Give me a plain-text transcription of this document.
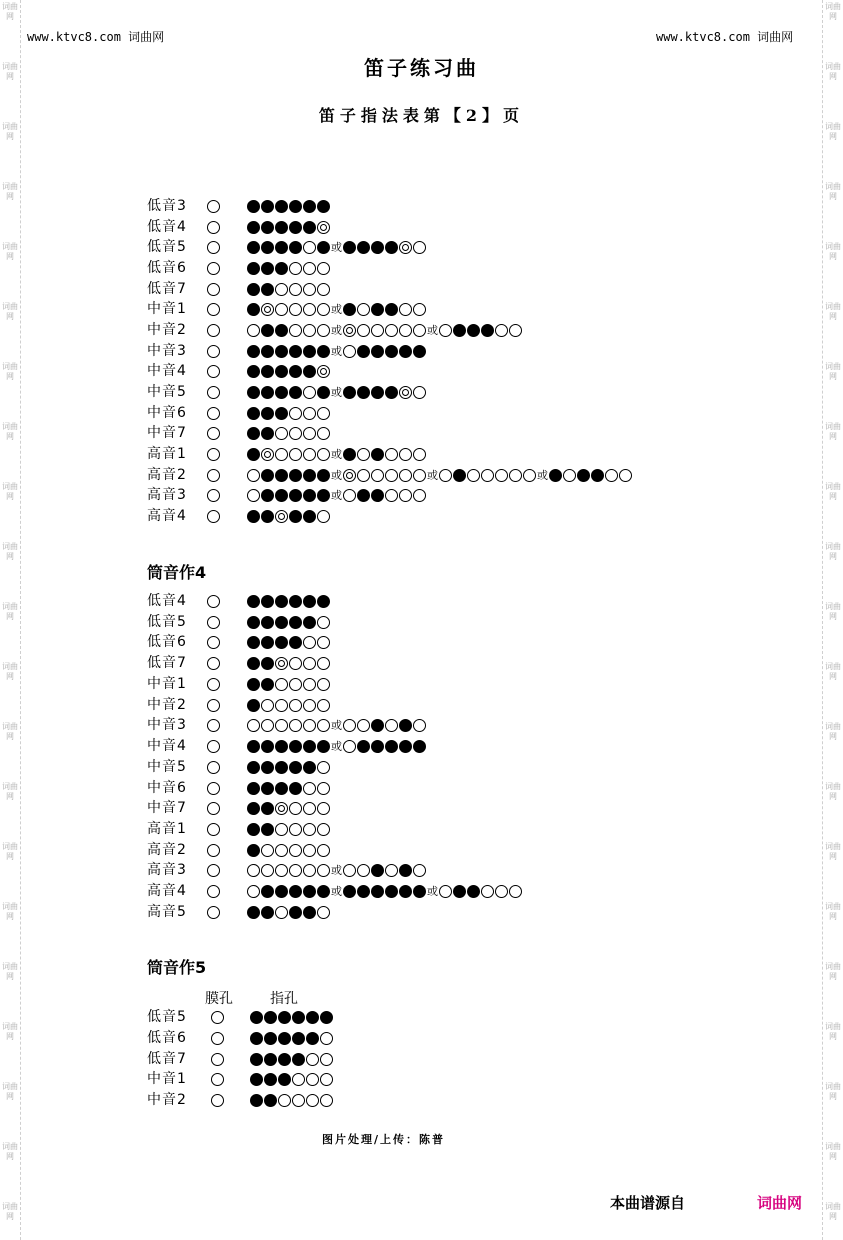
词曲网
词曲网
词曲网
词曲网
词曲网
词曲网
词曲网
词曲网
词曲网
词曲网
词曲网
词曲网
词曲网
词曲网
词曲网
词曲网
词曲网
词曲网
词曲网
词曲网
词曲网
词曲网
词曲网
词曲网
词曲网
词曲网
词曲网
词曲网
词曲网
词曲网
词曲网
词曲网
词曲网
词曲网
词曲网
词曲网
词曲网
词曲网
词曲网
词曲网
词曲网
词曲网
www.ktvc8.com 词曲网	www.ktvc8.com 词曲网
笛子练习曲
笛子指法表第【2】页
低音3
低音4
低音5	或
低音6
低音7
中音1	或
中音2	或	或
中音3	或
中音4
中音5	或
中音6
中音7
高音1	或
高音2	或	或	或
高音3	或
高音4
筒音作4
低音4
低音5
低音6
低音7
中音1
中音2
中音3	或
中音4	或
中音5
中音6
中音7
高音1
高音2
高音3	或
高音4	或	或
高音5
筒音作5
膜孔	指孔
低音5
低音6
低音7
中音1
中音2
图片处理/上传：陈普
本曲谱源自	词曲网
